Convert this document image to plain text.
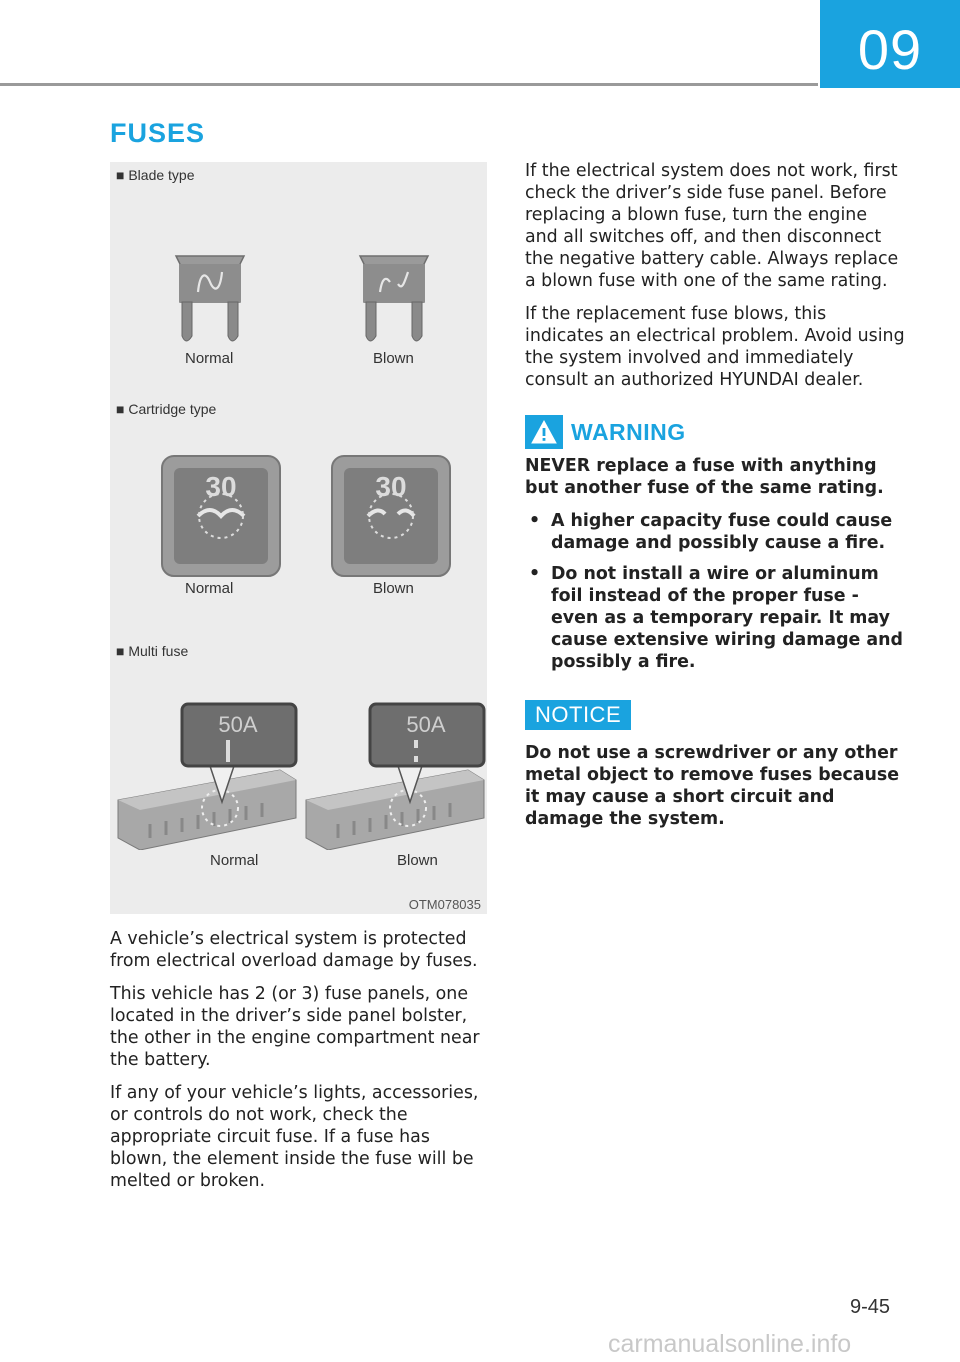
09
FUSES
■ Blade type
Normal	Blown
■ Cartridge type
30	30
Normal	Blown
■ Multi fuse
50A	50A
Normal	Blown
OTM078035

A vehicle’s electrical system is protected from electrical overload damage by fuses.

This vehicle has 2 (or 3) fuse panels, one located in the driver’s side panel bolster, the other in the engine compartment near the battery.

If any of your vehicle’s lights, accessories, or controls do not work, check the appropriate circuit fuse. If a fuse has blown, the element inside the fuse will be melted or broken.

If the electrical system does not work, first check the driver’s side fuse panel. Before replacing a blown fuse, turn the engine and all switches off, and then disconnect the negative battery cable. Always replace a blown fuse with one of the same rating.

If the replacement fuse blows, this indicates an electrical problem. Avoid using the system involved and immediately consult an authorized HYUNDAI dealer.

WARNING

NEVER replace a fuse with anything but another fuse of the same rating.

• A higher capacity fuse could cause damage and possibly cause a fire.
• Do not install a wire or aluminum foil instead of the proper fuse - even as a temporary repair. It may cause extensive wiring damage and possibly a fire.
NOTICE

Do not use a screwdriver or any other metal object to remove fuses because it may cause a short circuit and damage the system.

9-45
carmanualsonline.info
